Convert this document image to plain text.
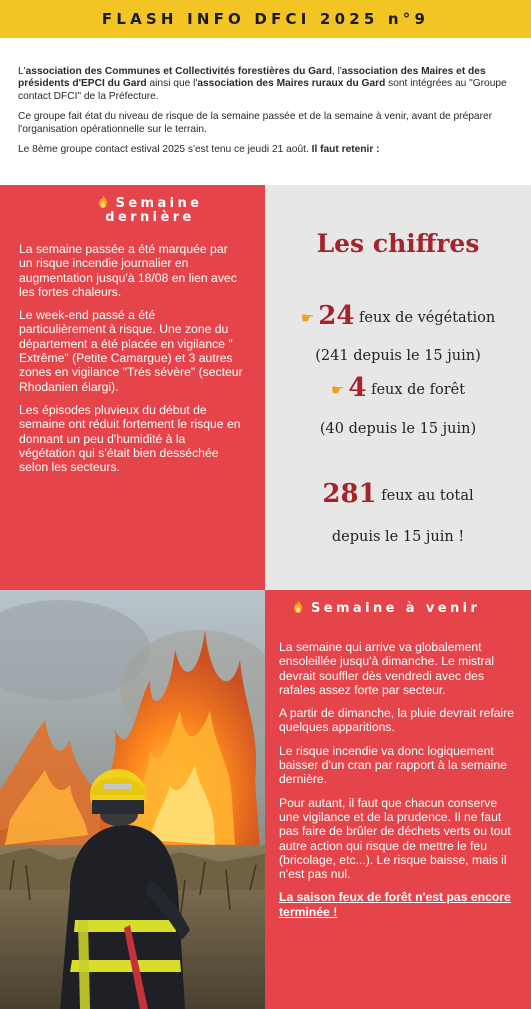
FLASH INFO DFCI 2025 n°9

L'association des Communes et Collectivités forestières du Gard, l'association des Maires et des présidents d'EPCI du Gard ainsi que l'association des Maires ruraux du Gard sont intégrées au "Groupe contact DFCI" de la Préfecture.

Ce groupe fait état du niveau de risque de la semaine passée et de la semaine à venir, avant de préparer l'organisation opérationnelle sur le terrain.

Le 8ème groupe contact estival 2025 s'est tenu ce jeudi 21 août. Il faut retenir :

Semaine
dernière

La semaine passée a été marquée par un risque incendie journalier en augmentation jusqu'à 18/08 en lien avec les fortes chaleurs.

Le week-end passé a été particulièrement à risque. Une zone du département a été placée en vigilance " Extrême" (Petite Camargue) et 3 autres zones en vigilance "Trés sévère" (secteur Rhodanien élargi).

Les épisodes pluvieux du début de semaine ont réduit fortement le risque en donnant un peu d'humidité à la végétation qui s'était bien desséchée selon les secteurs.

Les chiffres
☛ 24 feux de végétation
(241 depuis le 15 juin)
☛ 4 feux de forêt
(40 depuis le 15 juin)
281 feux au total
depuis le 15 juin !
Semaine à venir

La semaine qui arrive va globalement ensoleillée jusqu'à dimanche. Le mistral devrait souffler dès vendredi avec des rafales assez forte par secteur.

A partir de dimanche, la pluie devrait refaire quelques apparitions.

Le risque incendie va donc logiquement baisser d'un cran par rapport à la semaine dernière.

Pour autant, il faut que chacun conserve une vigilance et de la prudence. Il ne faut pas faire de brûler de déchets verts ou tout autre action qui risque de mettre le feu (bricolage, etc...). Le risque baisse, mais il n'est pas nul.

La saison feux de forêt n'est pas encore terminée !
